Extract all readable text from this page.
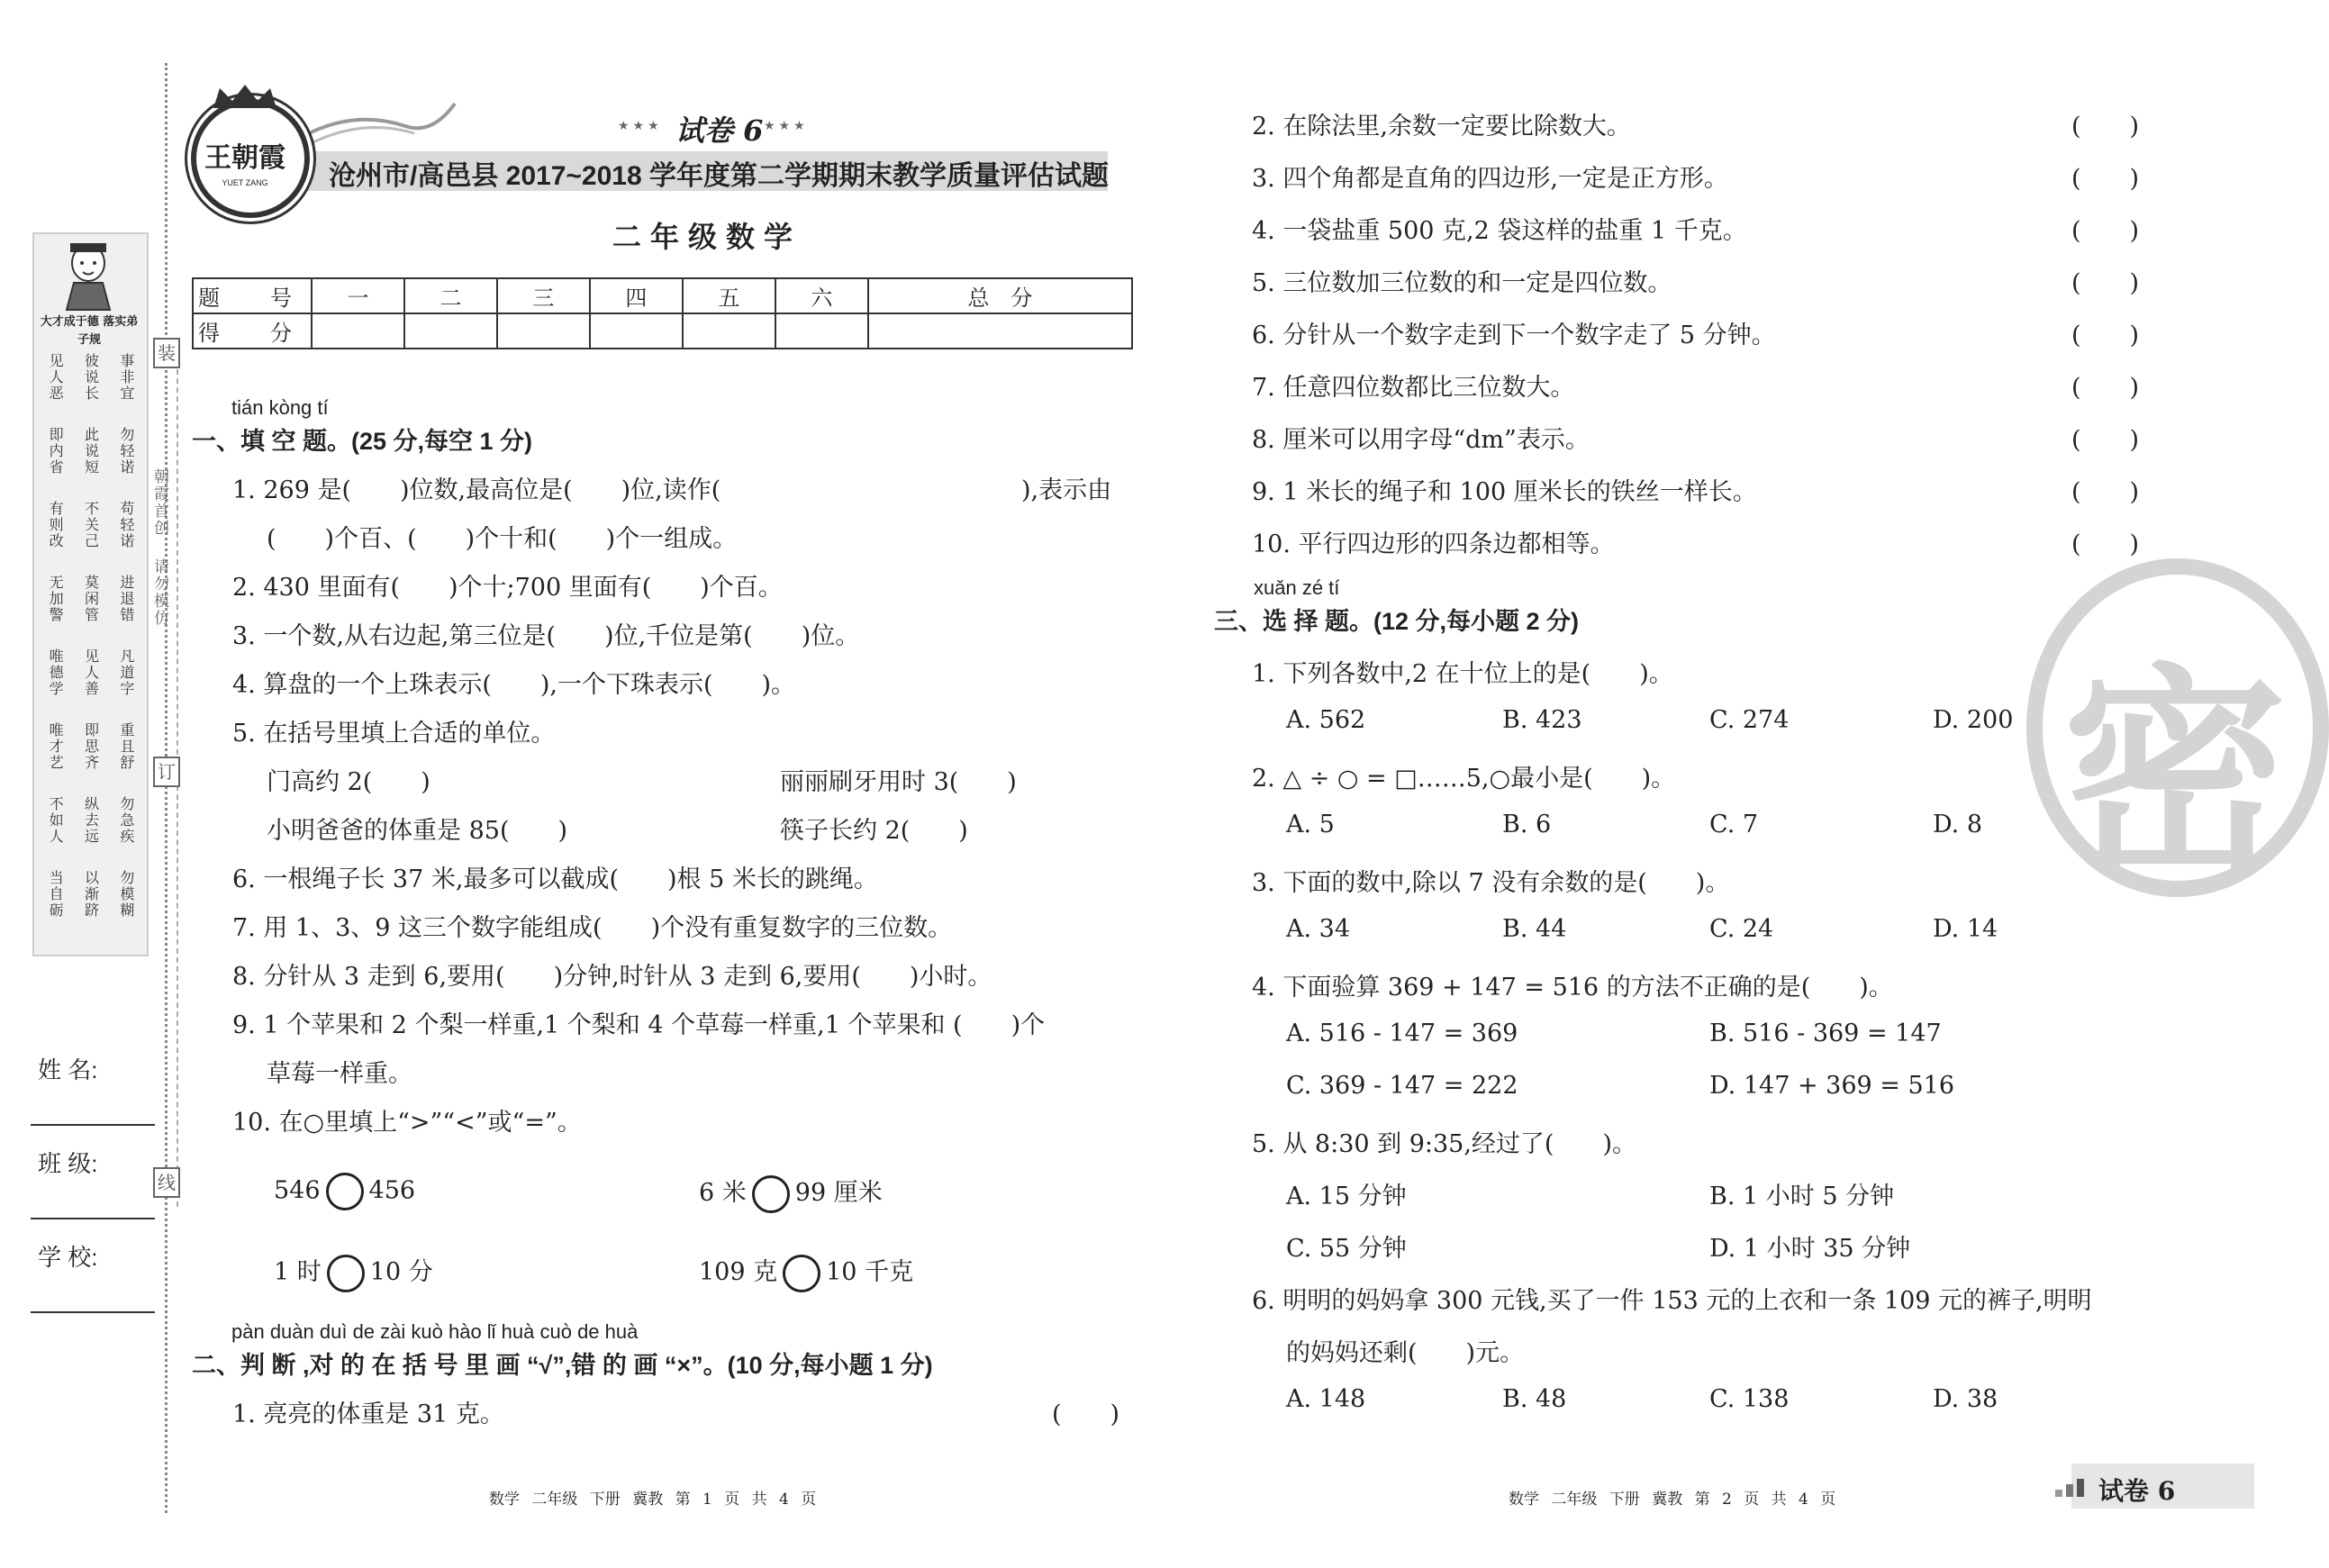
装
订
线
朝霞首创
请勿模仿
大才成于德 落实弟子规
见人恶 彼说长 事非宜
即内省 此说短 勿轻诺
有则改 不关己 苟轻诺
无加警 莫闲管 进退错
唯德学 见人善 凡道字
唯才艺 即思齐 重且舒
不如人 纵去远 勿急疾
当自砺 以渐跻 勿模糊
姓 名:
班 级:
学 校:
王朝霞
YUET ZANG
★★★ 试卷 6 ★★★
沧州市/高邑县 2017~2018 学年度第二学期期末教学质量评估试题
二年级数学
题　号	一	二	三	四	五	六	总　分
得　分							
tián kòng tí
一、填 空 题。(25 分,每空 1 分)
1. 269 是(　　)位数,最高位是(　　)位,读作(	),表示由
(　　)个百、(　　)个十和(　　)个一组成。
2. 430 里面有(　　)个十;700 里面有(　　)个百。
3. 一个数,从右边起,第三位是(　　)位,千位是第(　　)位。
4. 算盘的一个上珠表示(　　),一个下珠表示(　　)。
5. 在括号里填上合适的单位。
门高约 2(　　)	丽丽刷牙用时 3(　　)
小明爸爸的体重是 85(　　)	筷子长约 2(　　)
6. 一根绳子长 37 米,最多可以截成(　　)根 5 米长的跳绳。
7. 用 1、3、9 这三个数字能组成(　　)个没有重复数字的三位数。
8. 分针从 3 走到 6,要用(　　)分钟,时针从 3 走到 6,要用(　　)小时。
9. 1 个苹果和 2 个梨一样重,1 个梨和 4 个草莓一样重,1 个苹果和 (　　)个
草莓一样重。
10. 在○里填上“>”“<”或“=”。
546 456	6 米 99 厘米
1 时 10 分	109 克 10 千克
pàn duàn duì de zài kuò hào lǐ huà cuò de huà
二、判 断 ,对 的 在 括 号 里 画 “√”,错 的 画 “×”。(10 分,每小题 1 分)
1. 亮亮的体重是 31 克。	(　　)
数学 二年级 下册 冀教 第 1 页 共 4 页
密
2. 在除法里,余数一定要比除数大。	(　　)
3. 四个角都是直角的四边形,一定是正方形。	(　　)
4. 一袋盐重 500 克,2 袋这样的盐重 1 千克。	(　　)
5. 三位数加三位数的和一定是四位数。	(　　)
6. 分针从一个数字走到下一个数字走了 5 分钟。	(　　)
7. 任意四位数都比三位数大。	(　　)
8. 厘米可以用字母“dm”表示。	(　　)
9. 1 米长的绳子和 100 厘米长的铁丝一样长。	(　　)
10. 平行四边形的四条边都相等。	(　　)
xuǎn zé tí
三、选 择 题。(12 分,每小题 2 分)
1. 下列各数中,2 在十位上的是(　　)。
A. 562	B. 423	C. 274	D. 200
2. △ ÷ ○ = □……5,○最小是(　　)。
A. 5	B. 6	C. 7	D. 8
3. 下面的数中,除以 7 没有余数的是(　　)。
A. 34	B. 44	C. 24	D. 14
4. 下面验算 369 + 147 = 516 的方法不正确的是(　　)。
A. 516 - 147 = 369	B. 516 - 369 = 147
C. 369 - 147 = 222	D. 147 + 369 = 516
5. 从 8:30 到 9:35,经过了(　　)。
A. 15 分钟	B. 1 小时 5 分钟
C. 55 分钟	D. 1 小时 35 分钟
6. 明明的妈妈拿 300 元钱,买了一件 153 元的上衣和一条 109 元的裤子,明明
的妈妈还剩(　　)元。
A. 148	B. 48	C. 138	D. 38
数学 二年级 下册 冀教 第 2 页 共 4 页	试卷 6
